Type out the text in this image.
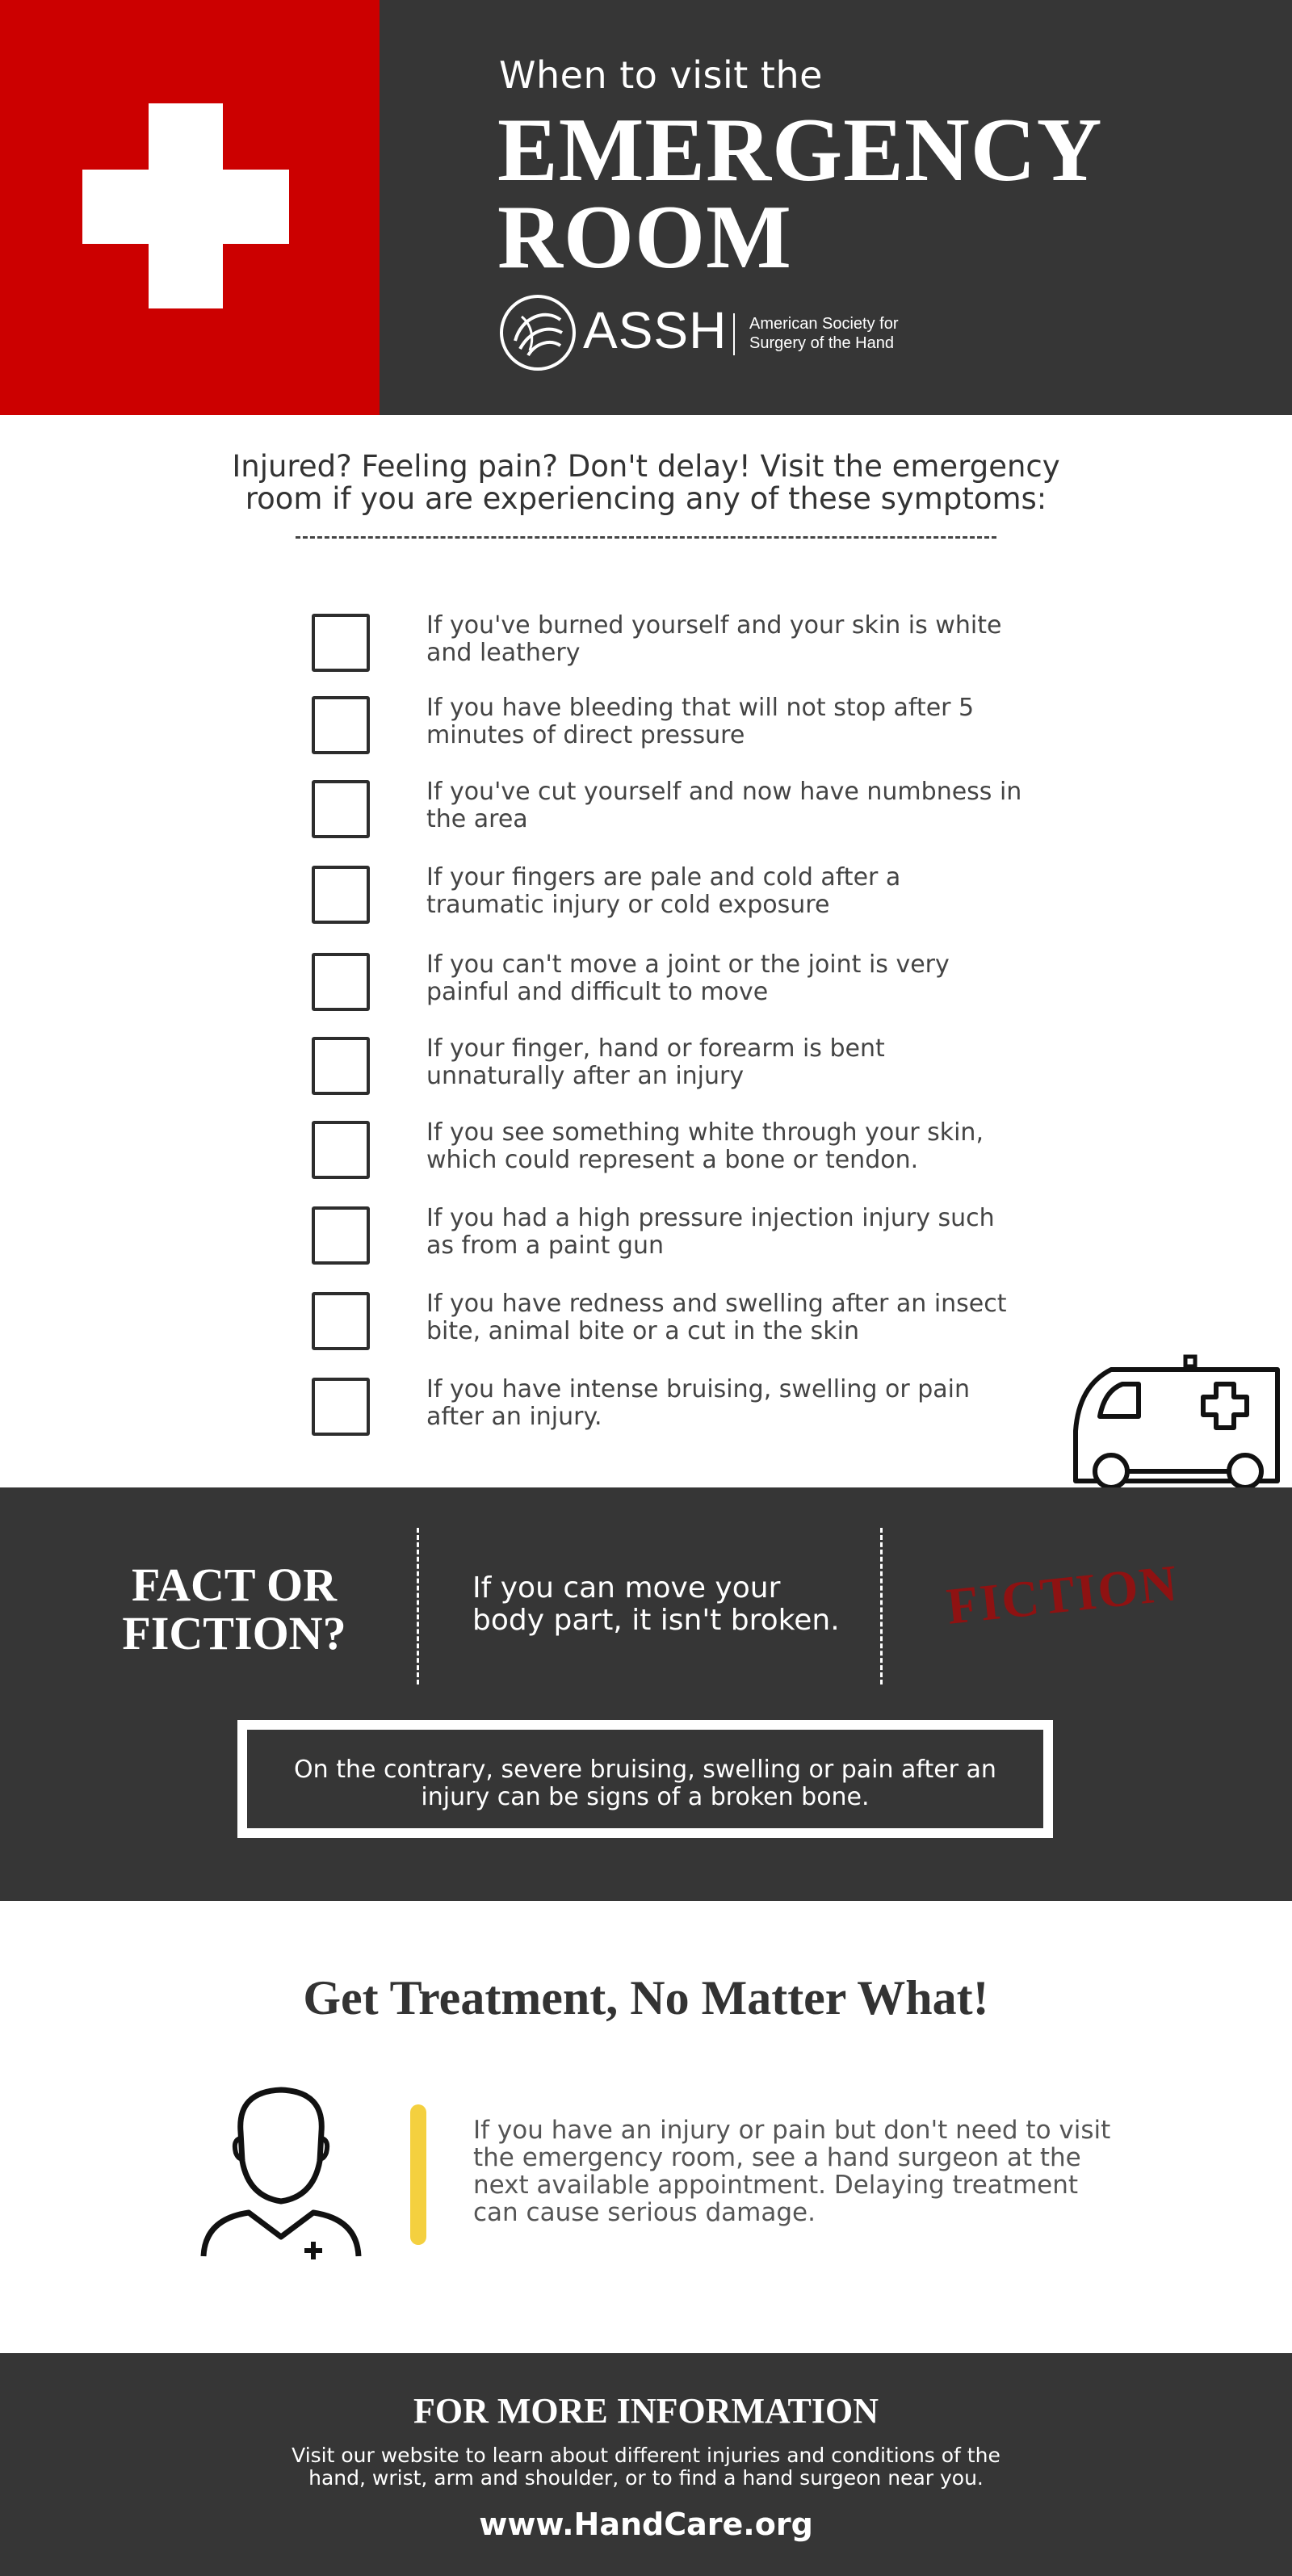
When to visit the
EMERGENCY
ROOM
ASSH American Society for
Surgery of the Hand
Injured? Feeling pain? Don't delay! Visit the emergency
room if you are experiencing any of these symptoms:
If you've burned yourself and your skin is white
and leathery
If you have bleeding that will not stop after 5
minutes of direct pressure
If you've cut yourself and now have numbness in
the area
If your fingers are pale and cold after a
traumatic injury or cold exposure
If you can't move a joint or the joint is very
painful and difficult to move
If your finger, hand or forearm is bent
unnaturally after an injury
If you see something white through your skin,
which could represent a bone or tendon.
If you had a high pressure injection injury such
as from a paint gun
If you have redness and swelling after an insect
bite, animal bite or a cut in the skin
If you have intense bruising, swelling or pain
after an injury.
FACT OR
FICTION?
If you can move your
body part, it isn't broken. FICTION
On the contrary, severe bruising, swelling or pain after an
injury can be signs of a broken bone.
Get Treatment, No Matter What!
If you have an injury or pain but don't need to visit
the emergency room, see a hand surgeon at the
next available appointment. Delaying treatment
can cause serious damage.
FOR MORE INFORMATION
Visit our website to learn about different injuries and conditions of the
hand, wrist, arm and shoulder, or to find a hand surgeon near you.
www.HandCare.org
